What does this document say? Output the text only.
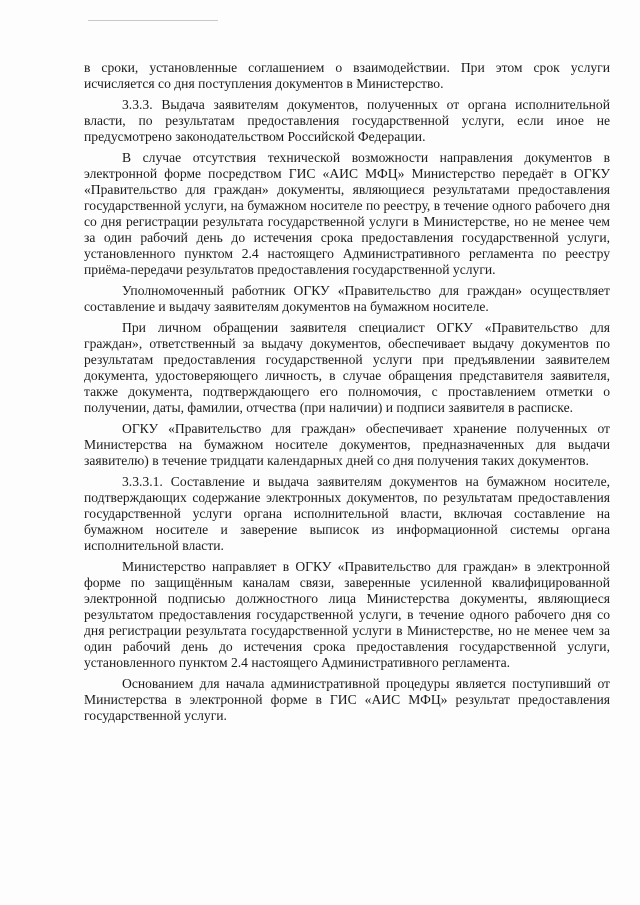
в сроки, установленные соглашением о взаимодействии. При этом срок услуги исчисляется со дня поступления документов в Министерство.

3.3.3. Выдача заявителям документов, полученных от органа исполнительной власти, по результатам предоставления государственной услуги, если иное не предусмотрено законодательством Российской Федерации.

В случае отсутствия технической возможности направления документов в электронной форме посредством ГИС «АИС МФЦ» Министерство передаёт в ОГКУ «Правительство для граждан» документы, являющиеся результатами предоставления государственной услуги, на бумажном носителе по реестру, в течение одного рабочего дня со дня регистрации результата государственной услуги в Министерстве, но не менее чем за один рабочий день до истечения срока предоставления государственной услуги, установленного пунктом 2.4 настоящего Административного регламента по реестру приёма-передачи результатов предоставления государственной услуги.

Уполномоченный работник ОГКУ «Правительство для граждан» осуществляет составление и выдачу заявителям документов на бумажном носителе.

При личном обращении заявителя специалист ОГКУ «Правительство для граждан», ответственный за выдачу документов, обеспечивает выдачу документов по результатам предоставления государственной услуги при предъявлении заявителем документа, удостоверяющего личность, в случае обращения представителя заявителя, также документа, подтверждающего его полномочия, с проставлением отметки о получении, даты, фамилии, отчества (при наличии) и подписи заявителя в расписке.

ОГКУ «Правительство для граждан» обеспечивает хранение полученных от Министерства на бумажном носителе документов, предназначенных для выдачи заявителю) в течение тридцати календарных дней со дня получения таких документов.

3.3.3.1. Составление и выдача заявителям документов на бумажном носителе, подтверждающих содержание электронных документов, по результатам предоставления государственной услуги органа исполнительной власти, включая составление на бумажном носителе и заверение выписок из информационной системы органа исполнительной власти.

Министерство направляет в ОГКУ «Правительство для граждан» в электронной форме по защищённым каналам связи, заверенные усиленной квалифицированной электронной подписью должностного лица Министерства документы, являющиеся результатом предоставления государственной услуги, в течение одного рабочего дня со дня регистрации результата государственной услуги в Министерстве, но не менее чем за один рабочий день до истечения срока предоставления государственной услуги, установленного пунктом 2.4 настоящего Административного регламента.

Основанием для начала административной процедуры является поступивший от Министерства в электронной форме в ГИС «АИС МФЦ» результат предоставления государственной услуги.
